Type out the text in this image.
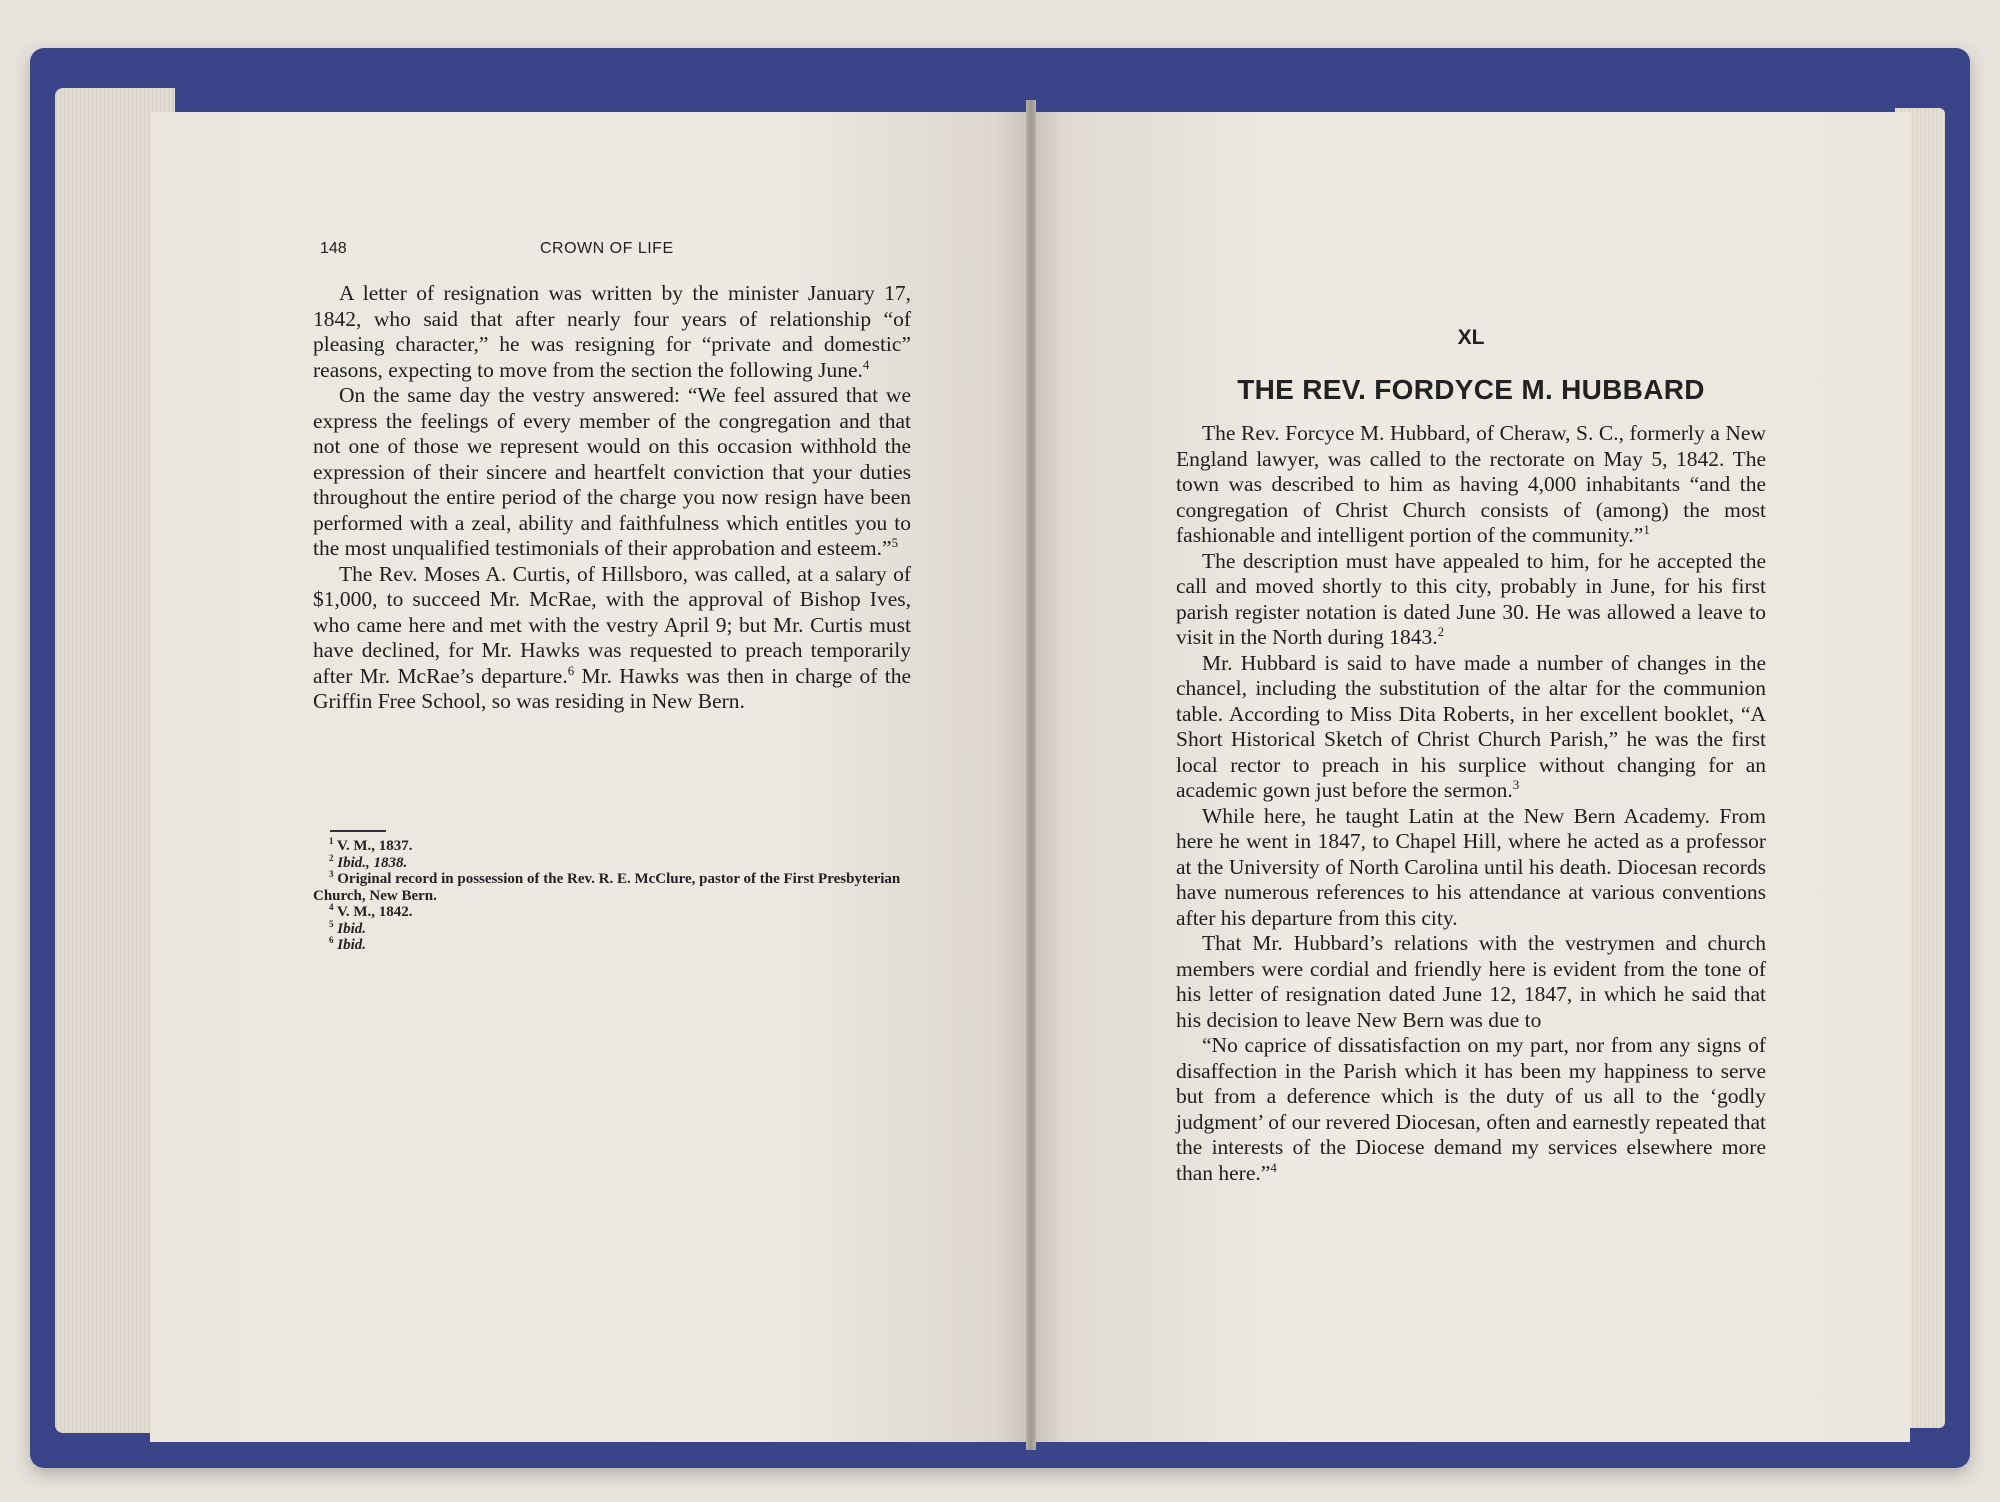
148	CROWN OF LIFE

A letter of resignation was written by the minister January 17, 1842, who said that after nearly four years of relationship “of pleasing character,” he was resigning for “private and domestic” reasons, expecting to move from the section the following June.$^4$

On the same day the vestry answered: “We feel assured that we express the feelings of every member of the congregation and that not one of those we represent would on this occasion withhold the expression of their sincere and heartfelt conviction that your duties throughout the entire period of the charge you now resign have been performed with a zeal, ability and faithfulness which entitles you to the most unqualified testimonials of their approbation and esteem.”$^5$

The Rev. Moses A. Curtis, of Hillsboro, was called, at a salary of $1,000, to succeed Mr. McRae, with the approval of Bishop Ives, who came here and met with the vestry April 9; but Mr. Curtis must have declined, for Mr. Hawks was requested to preach temporarily after Mr. McRae’s departure.$^6$ Mr. Hawks was then in charge of the Griffin Free School, so was residing in New Bern.

$^1$ V. M., 1837.
$^2$ Ibid., 1838.
$^3$ Original record in possession of the Rev. R. E. McClure, pastor of the First Presbyterian Church, New Bern.
$^4$ V. M., 1842.
$^5$ Ibid.
$^6$ Ibid.
XL
THE REV. FORDYCE M. HUBBARD

The Rev. Forcyce M. Hubbard, of Cheraw, S. C., formerly a New England lawyer, was called to the rectorate on May 5, 1842. The town was described to him as having 4,000 inhabitants “and the congregation of Christ Church consists of (among) the most fashionable and intelligent portion of the community.”$^1$

The description must have appealed to him, for he accepted the call and moved shortly to this city, probably in June, for his first parish register notation is dated June 30. He was allowed a leave to visit in the North during 1843.$^2$

Mr. Hubbard is said to have made a number of changes in the chancel, including the substitution of the altar for the communion table. According to Miss Dita Roberts, in her excellent booklet, “A Short Historical Sketch of Christ Church Parish,” he was the first local rector to preach in his surplice without changing for an academic gown just before the sermon.$^3$

While here, he taught Latin at the New Bern Academy. From here he went in 1847, to Chapel Hill, where he acted as a professor at the University of North Carolina until his death. Diocesan records have numerous references to his attendance at various conventions after his departure from this city.

That Mr. Hubbard’s relations with the vestrymen and church members were cordial and friendly here is evident from the tone of his letter of resignation dated June 12, 1847, in which he said that his decision to leave New Bern was due to

“No caprice of dissatisfaction on my part, nor from any signs of disaffection in the Parish which it has been my happiness to serve but from a deference which is the duty of us all to the ‘godly judgment’ of our revered Diocesan, often and earnestly repeated that the interests of the Diocese demand my services elsewhere more than here.”$^4$
